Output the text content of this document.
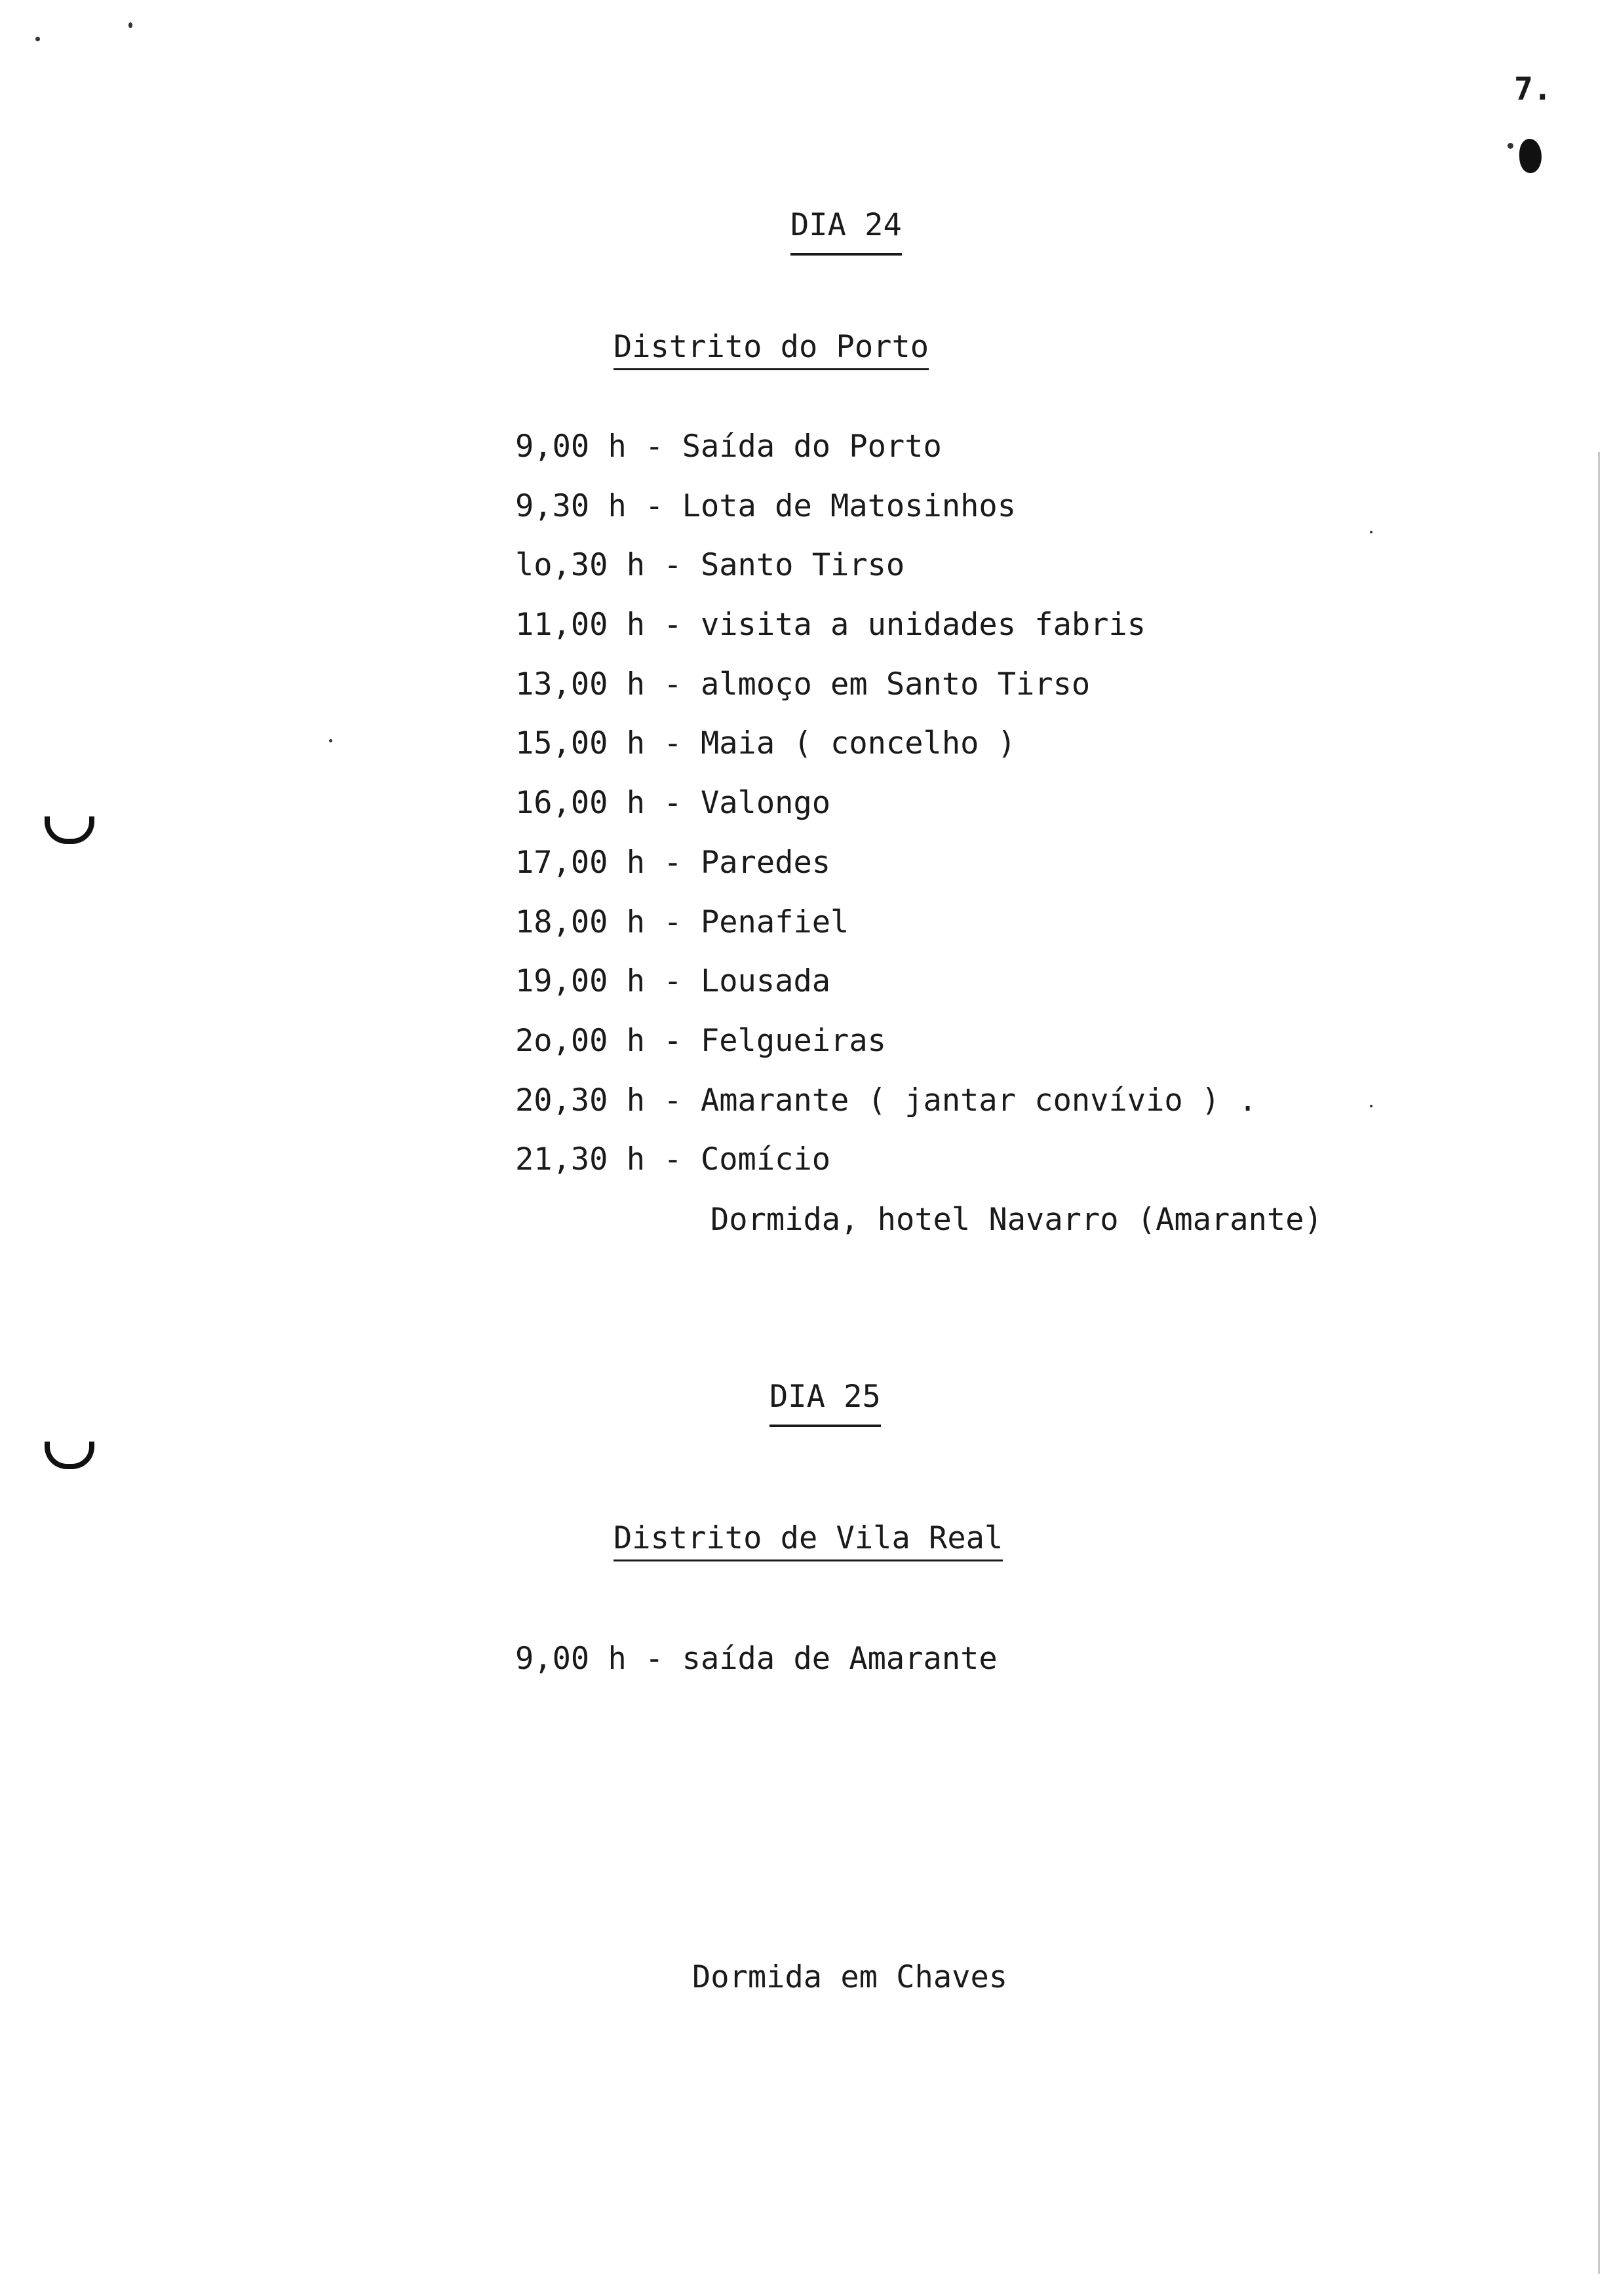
7.
DIA 24
Distrito do Porto
9,00 h - Saída do Porto
9,30 h - Lota de Matosinhos
lo,30 h - Santo Tirso
11,00 h - visita a unidades fabris
13,00 h - almoço em Santo Tirso
15,00 h - Maia ( concelho )
16,00 h - Valongo
17,00 h - Paredes
18,00 h - Penafiel
19,00 h - Lousada
2o,00 h - Felgueiras
20,30 h - Amarante ( jantar convívio ) .
21,30 h - Comício
Dormida, hotel Navarro (Amarante)
DIA 25
Distrito de Vila Real
9,00 h - saída de Amarante
Dormida em Chaves
